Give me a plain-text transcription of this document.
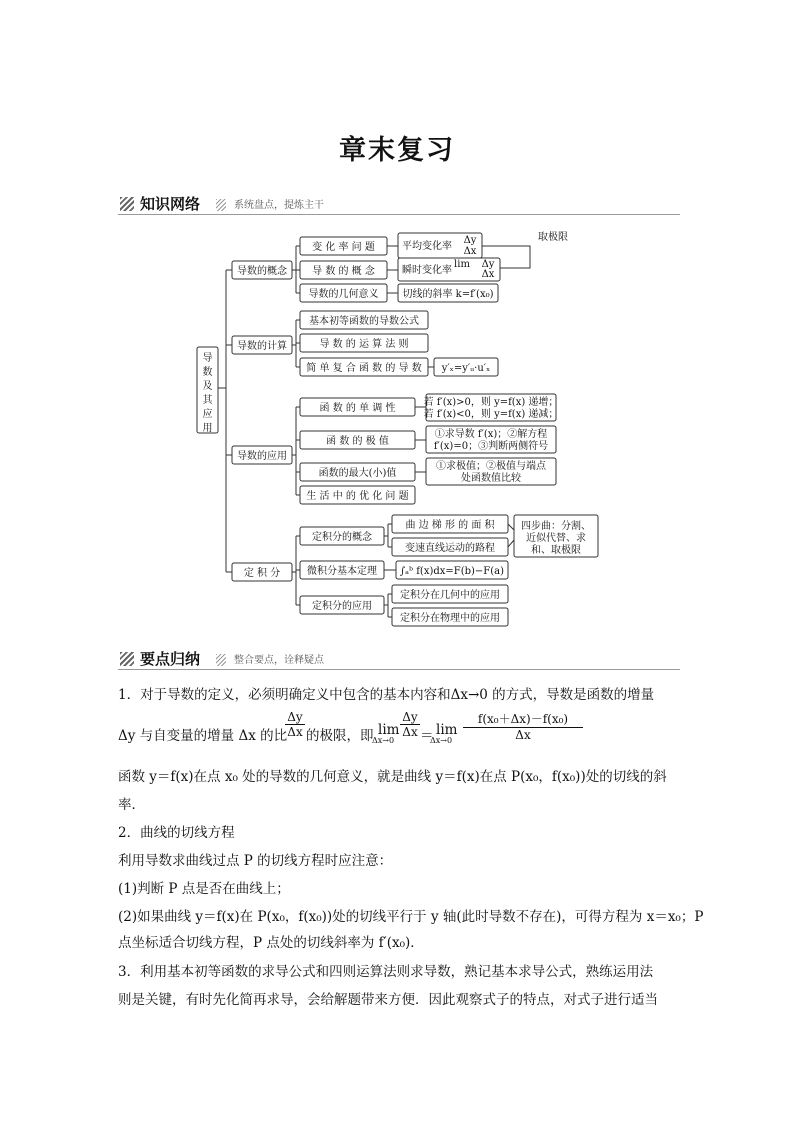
章末复习
知识网络	系统盘点，提炼主干
导
数
及
其
应
用
导数的概念
导数的计算
导数的应用
定 积 分
变 化 率 问 题
导 数 的 概 念
导数的几何意义
平均变化率
瞬时变化率
Δy
Δx
lim Δy
Δx
切线的斜率 k=f′(x₀)
取极限
基本初等函数的导数公式
导 数 的 运 算 法 则
简 单 复 合 函 数 的 导 数 y′ₓ=y′ᵤ·u′ₓ
函 数 的 单 调 性
函 数 的 极 值
函数的最大(小)值
生 活 中 的 优 化 问 题
若 f′(x)>0，则 y=f(x) 递增；
若 f′(x)<0，则 y=f(x) 递减；
①求导数 f′(x)；②解方程
f′(x)=0；③判断两侧符号
①求极值；②极值与端点
处函数值比较
定积分的概念
微积分基本定理
定积分的应用
曲 边 梯 形 的 面 积
变速直线运动的路程
四步曲：分割、
近似代替、求
和、取极限
∫ₐᵇ f(x)dx=F(b)−F(a)
定积分在几何中的应用
定积分在物理中的应用
要点归纳	整合要点，诠释疑点
1．对于导数的定义，必须明确定义中包含的基本内容和Δx→0 的方式，导数是函数的增量
Δy 与自变量的增量 Δx 的比
$\frac{\Delta y}{\Delta x}$ 的极限，即 lim
Δx→0
$\frac{\Delta y}{\Delta x} = \lim$
$\Delta x\to 0 \frac{\text{f(x₀＋Δx)－f(x₀)}}{\Delta x}$
函数 y＝f(x)在点 x₀ 处的导数的几何意义，就是曲线 y＝f(x)在点 P(x₀，f(x₀))处的切线的斜
率．
2．曲线的切线方程
利用导数求曲线过点 P 的切线方程时应注意：
(1)判断 P 点是否在曲线上；
(2)如果曲线 y＝f(x)在 P(x₀，f(x₀))处的切线平行于 y 轴(此时导数不存在)，可得方程为 x＝x₀；P
点坐标适合切线方程，P 点处的切线斜率为 f′(x₀)．
3．利用基本初等函数的求导公式和四则运算法则求导数，熟记基本求导公式，熟练运用法
则是关键，有时先化简再求导，会给解题带来方便．因此观察式子的特点，对式子进行适当
